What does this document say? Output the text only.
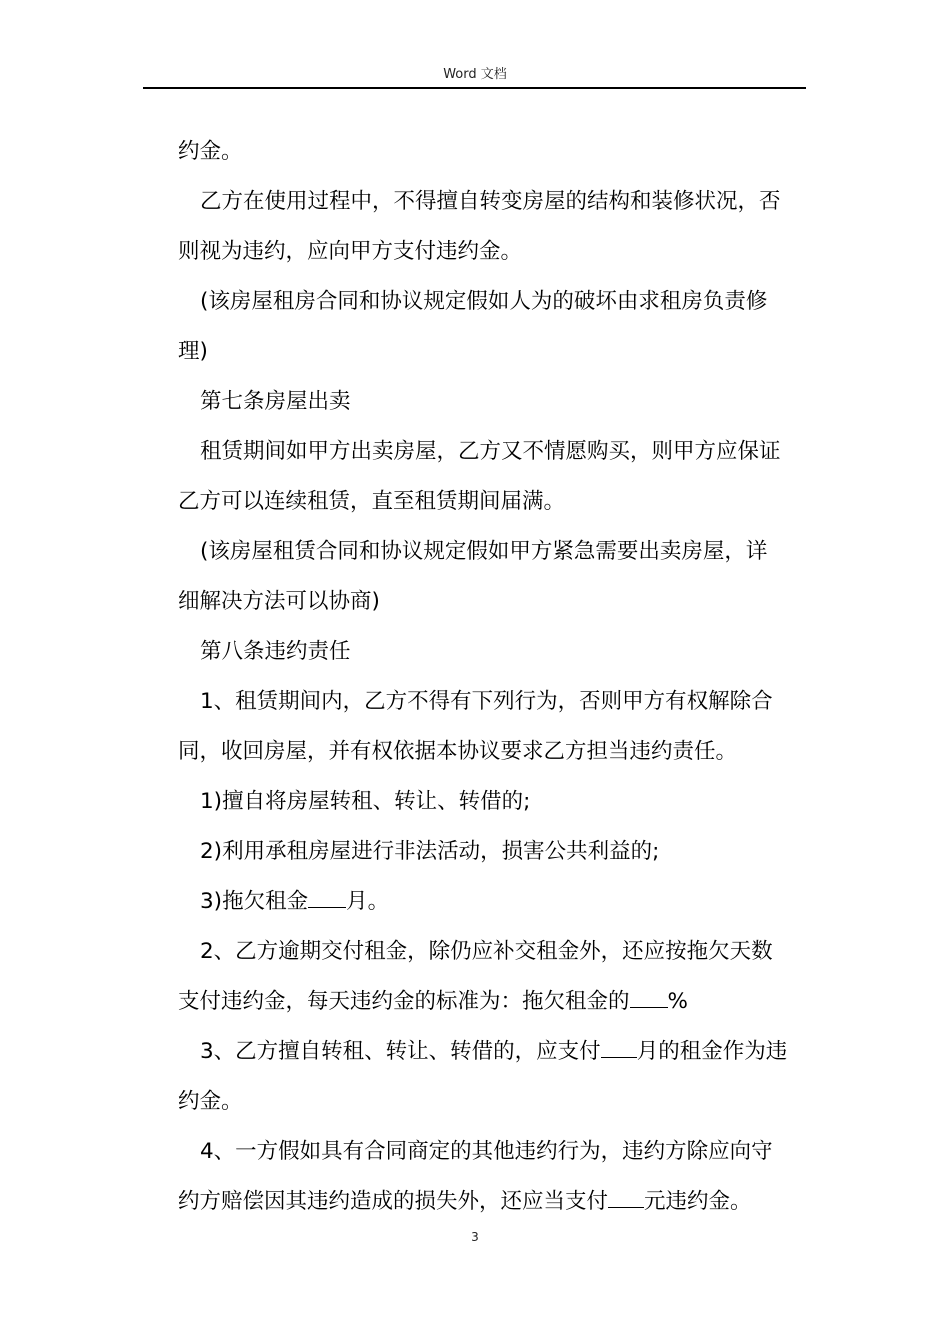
Word 文档
约金。
乙方在使用过程中，不得擅自转变房屋的结构和装修状况，否
则视为违约，应向甲方支付违约金。
(该房屋租房合同和协议规定假如人为的破坏由求租房负责修
理)
第七条房屋出卖
租赁期间如甲方出卖房屋，乙方又不情愿购买，则甲方应保证
乙方可以连续租赁，直至租赁期间届满。
(该房屋租赁合同和协议规定假如甲方紧急需要出卖房屋，详
细解决方法可以协商)
第八条违约责任
1、租赁期间内，乙方不得有下列行为，否则甲方有权解除合
同，收回房屋，并有权依据本协议要求乙方担当违约责任。
1)擅自将房屋转租、转让、转借的;
2)利用承租房屋进行非法活动，损害公共利益的;
3)拖欠租金 月。
2、乙方逾期交付租金，除仍应补交租金外，还应按拖欠天数
支付违约金，每天违约金的标准为：拖欠租金的 %
3、乙方擅自转租、转让、转借的，应支付 月的租金作为违
约金。
4、一方假如具有合同商定的其他违约行为，违约方除应向守
约方赔偿因其违约造成的损失外，还应当支付 元违约金。
3
